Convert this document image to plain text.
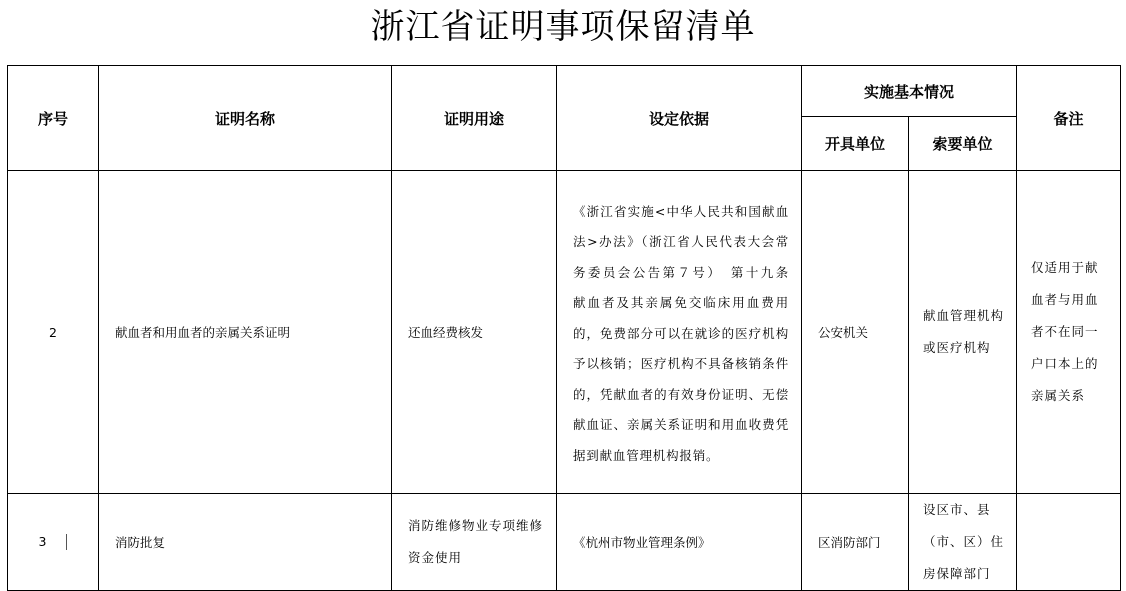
浙江省证明事项保留清单
序号	证明名称	证明用途	设定依据	实施基本情况		备注
				开具单位	索要单位	
2	献血者和用血者的亲属关系证明	还血经费核发	《浙江省实施<中华人民共和国献血法>办法》（浙江省人民代表大会常务委员会公告第７号）　第十九条　献血者及其亲属免交临床用血费用的，免费部分可以在就诊的医疗机构予以核销；医疗机构不具备核销条件的，凭献血者的有效身份证明、无偿献血证、亲属关系证明和用血收费凭据到献血管理机构报销。	公安机关	献血管理机构或医疗机构	仅适用于献血者与用血者不在同一户口本上的亲属关系
3	消防批复	消防维修物业专项维修资金使用	《杭州市物业管理条例》	区消防部门	设区市、县（市、区）住房保障部门	
